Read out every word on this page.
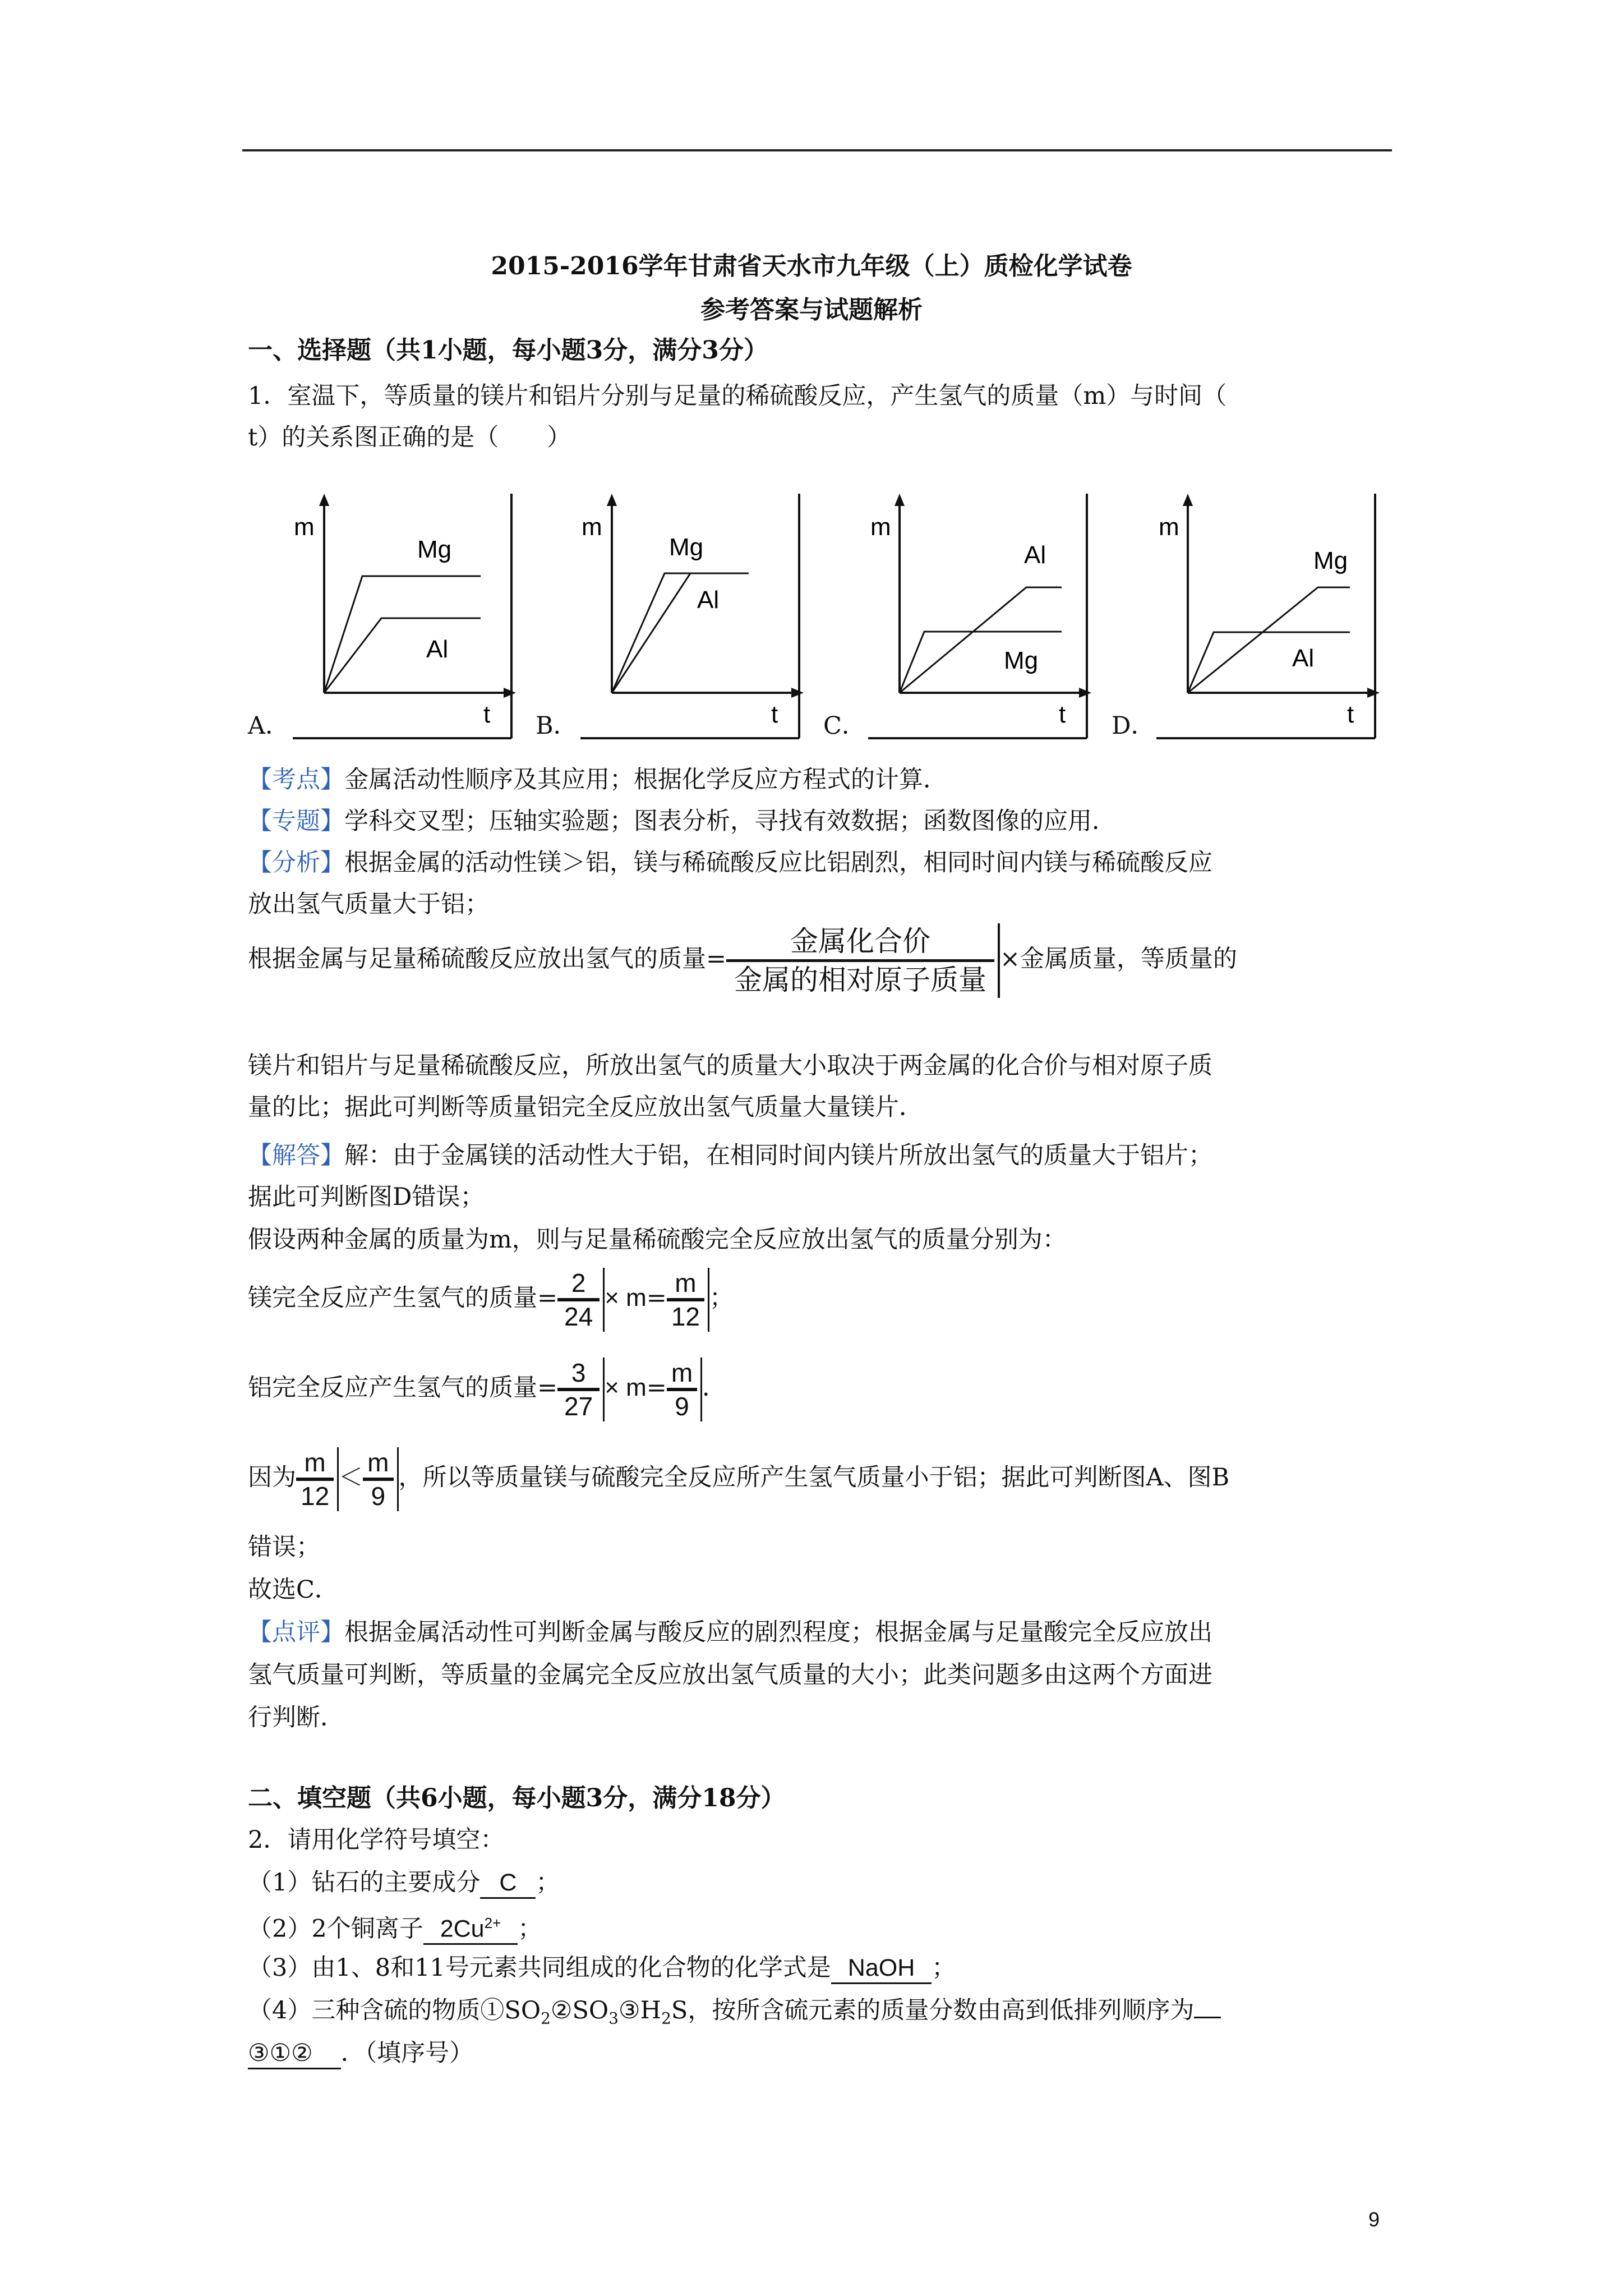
2015-2016学年甘肃省天水市九年级（上）质检化学试卷
参考答案与试题解析
一、选择题（共1小题，每小题3分，满分3分）
1．室温下，等质量的镁片和铝片分别与足量的稀硫酸反应，产生氢气的质量（m）与时间（
t）的关系图正确的是（　　）
m
t
Mg
Al
A．
m
t
Mg
Al
B．
m
t
Al
Mg
C．
m
t
Mg
Al
D．
【考点】金属活动性顺序及其应用；根据化学反应方程式的计算．
【专题】学科交叉型；压轴实验题；图表分析，寻找有效数据；函数图像的应用．
【分析】根据金属的活动性镁＞铝，镁与稀硫酸反应比铝剧烈，相同时间内镁与稀硫酸反应
放出氢气质量大于铝；
根据金属与足量稀硫酸反应放出氢气的质量= $\frac{\text{金属化合价}}{\text{金属的相对原子质量}}$ ×金属质量，等质量的
镁片和铝片与足量稀硫酸反应，所放出氢气的质量大小取决于两金属的化合价与相对原子质
量的比；据此可判断等质量铝完全反应放出氢气质量大量镁片．
【解答】解：由于金属镁的活动性大于铝，在相同时间内镁片所放出氢气的质量大于铝片；
据此可判断图D错误；
假设两种金属的质量为m，则与足量稀硫酸完全反应放出氢气的质量分别为：
镁完全反应产生氢气的质量= $\frac{2}{24} \times m= \frac{m}{12}$ ；
铝完全反应产生氢气的质量= $\frac{3}{27} \times m= \frac{m}{9}$ ．
因为 $\frac{m}{12} < \frac{m}{9}$ ，所以等质量镁与硫酸完全反应所产生氢气质量小于铝；据此可判断图A、图B
错误；
故选C．
【点评】根据金属活动性可判断金属与酸反应的剧烈程度；根据金属与足量酸完全反应放出
氢气质量可判断，等质量的金属完全反应放出氢气质量的大小；此类问题多由这两个方面进
行判断．
二、填空题（共6小题，每小题3分，满分18分）
2．请用化学符号填空：
（1）钻石的主要成分 C ；
（2）2个铜离子 $2Cu^{2+}$ ；
（3）由1、8和11号元素共同组成的化合物的化学式是 NaOH ；
（4）三种含硫的物质$①SO_2②SO_3③H_2S$，按所含硫元素的质量分数由高到低排列顺序为
③①② ．（填序号）
9
